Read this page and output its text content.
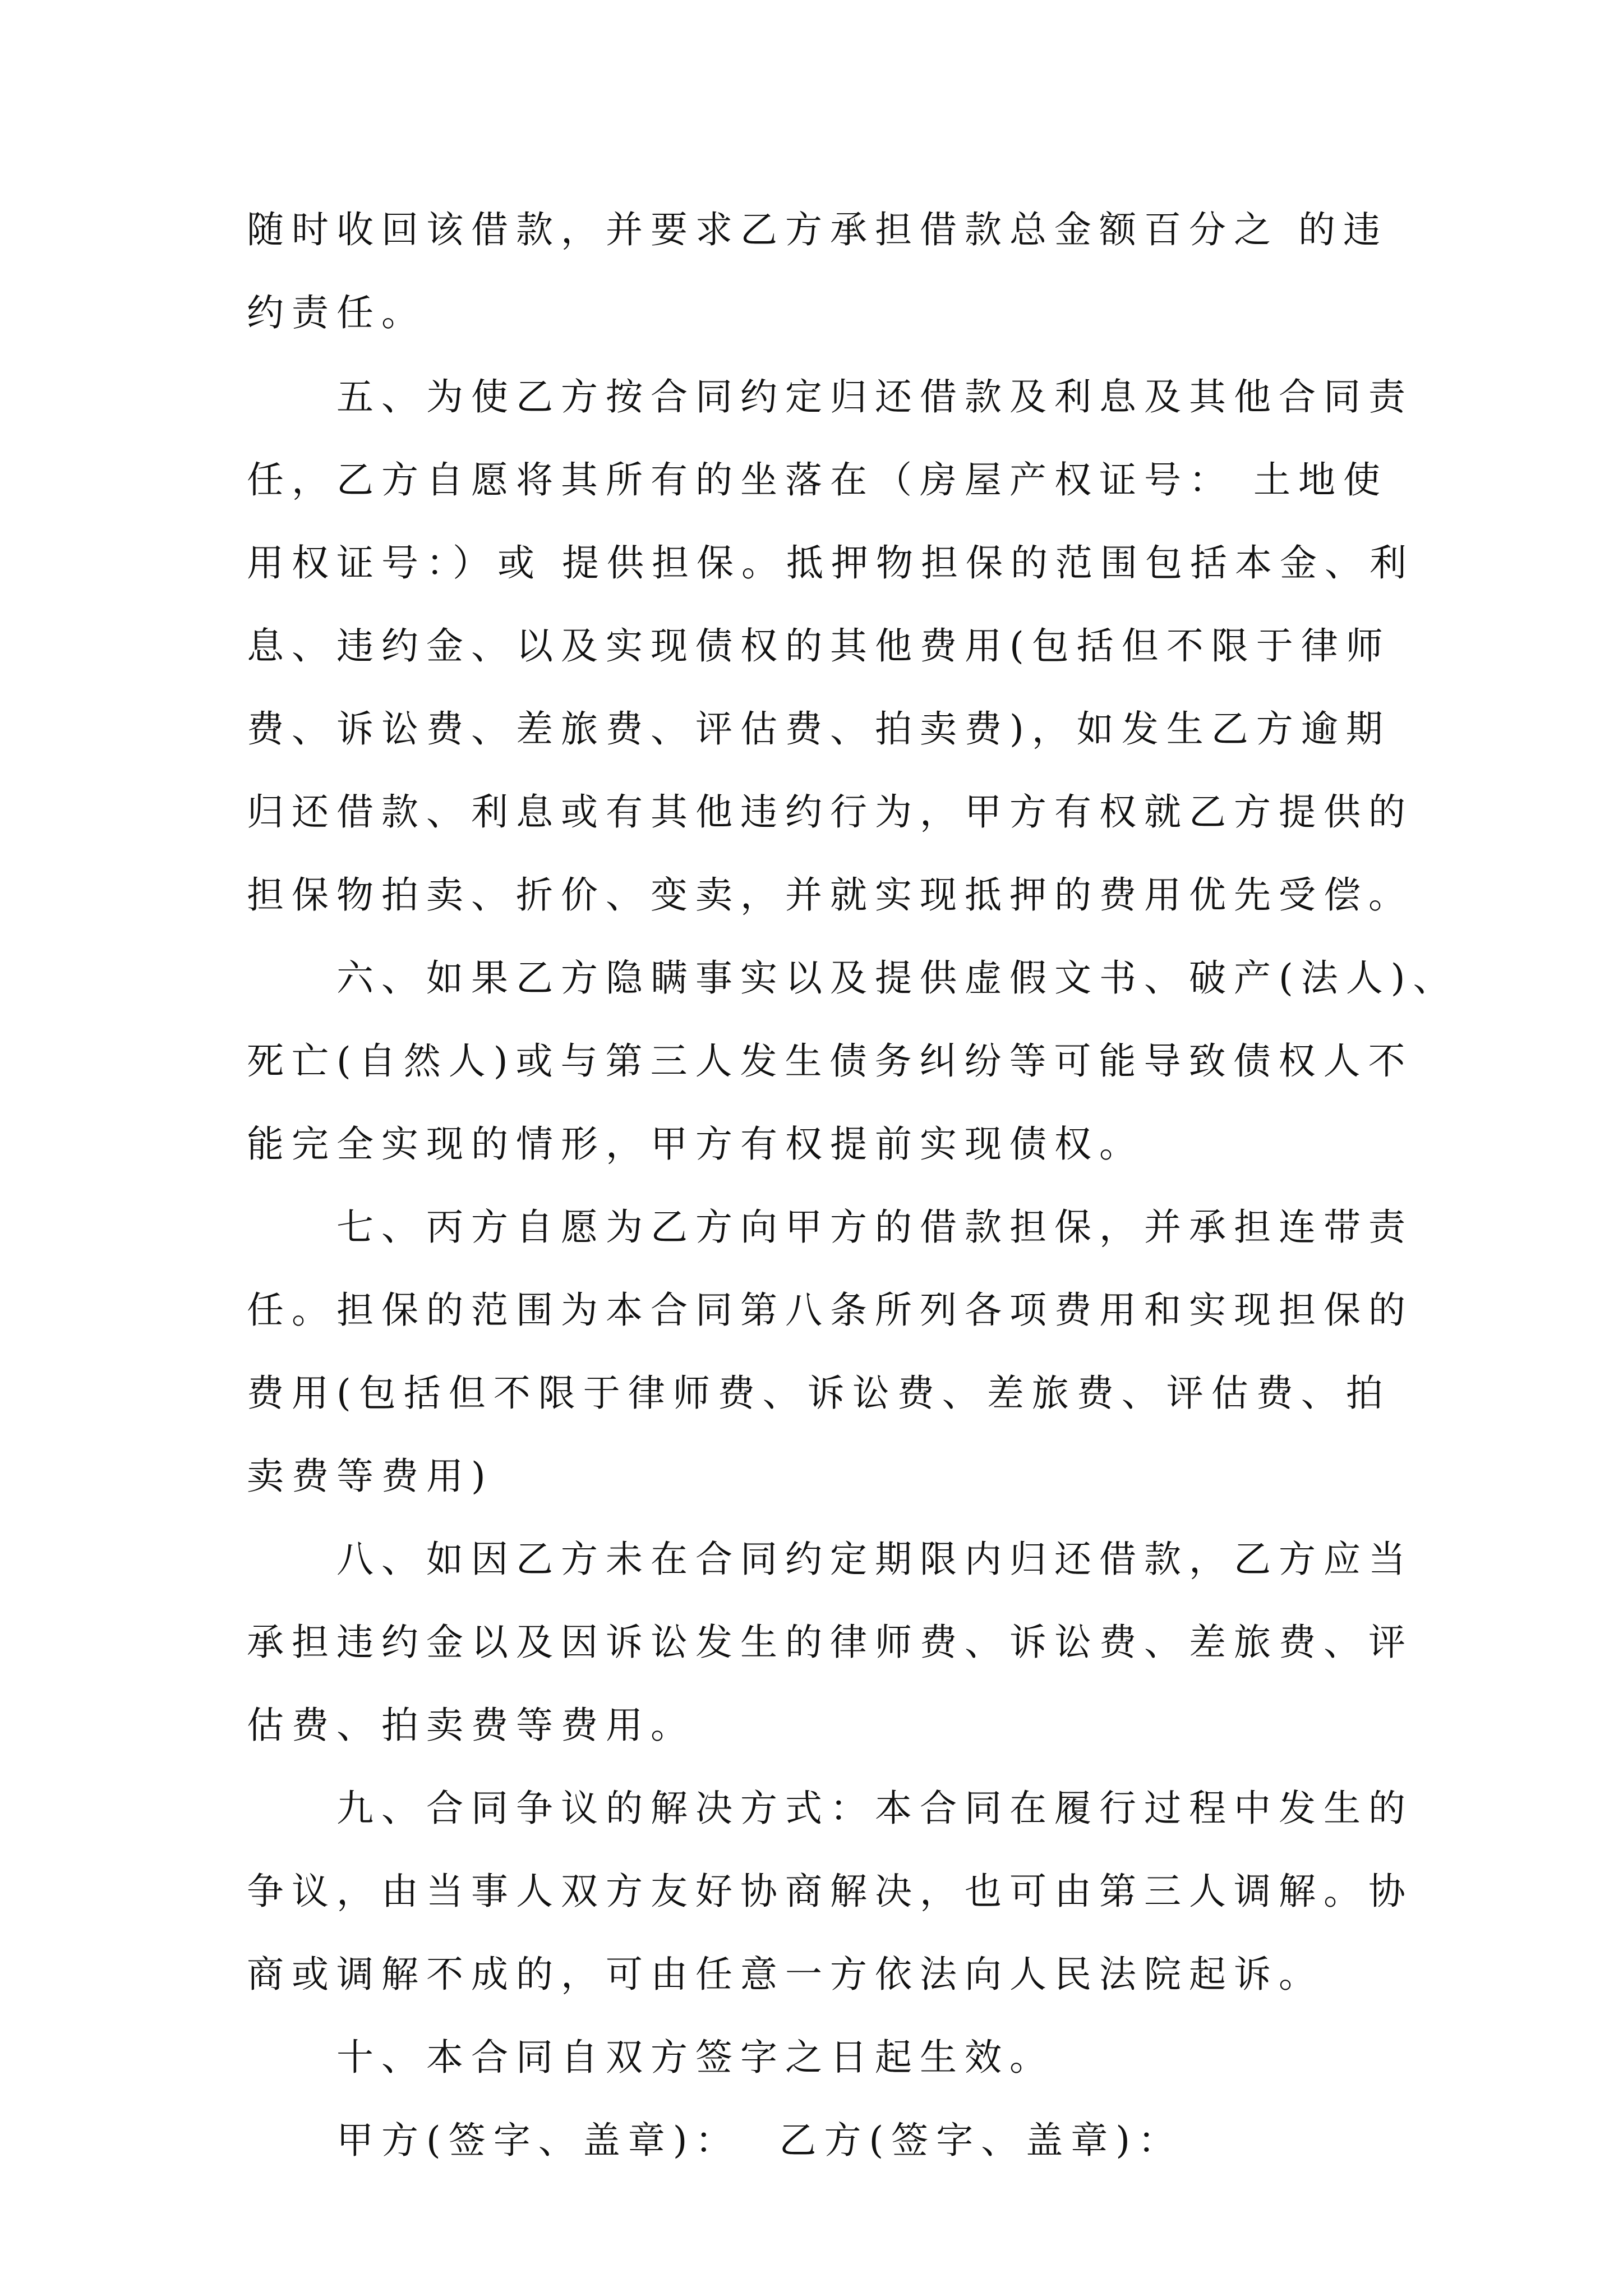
随时收回该借款，并要求乙方承担借款总金额百分之 的违
约责任。
五、为使乙方按合同约定归还借款及利息及其他合同责
任，乙方自愿将其所有的坐落在（房屋产权证号： 土地使
用权证号：）或 提供担保。抵押物担保的范围包括本金、利
息、违约金、以及实现债权的其他费用(包括但不限于律师
费、诉讼费、差旅费、评估费、拍卖费)，如发生乙方逾期
归还借款、利息或有其他违约行为，甲方有权就乙方提供的
担保物拍卖、折价、变卖，并就实现抵押的费用优先受偿。
六、如果乙方隐瞒事实以及提供虚假文书、破产(法人)、
死亡(自然人)或与第三人发生债务纠纷等可能导致债权人不
能完全实现的情形，甲方有权提前实现债权。
七、丙方自愿为乙方向甲方的借款担保，并承担连带责
任。担保的范围为本合同第八条所列各项费用和实现担保的
费用(包括但不限于律师费、诉讼费、差旅费、评估费、拍
卖费等费用)
八、如因乙方未在合同约定期限内归还借款，乙方应当
承担违约金以及因诉讼发生的律师费、诉讼费、差旅费、评
估费、拍卖费等费用。
九、合同争议的解决方式：本合同在履行过程中发生的
争议，由当事人双方友好协商解决，也可由第三人调解。协
商或调解不成的，可由任意一方依法向人民法院起诉。
十、本合同自双方签字之日起生效。
甲方(签字、盖章)：  乙方(签字、盖章)：
